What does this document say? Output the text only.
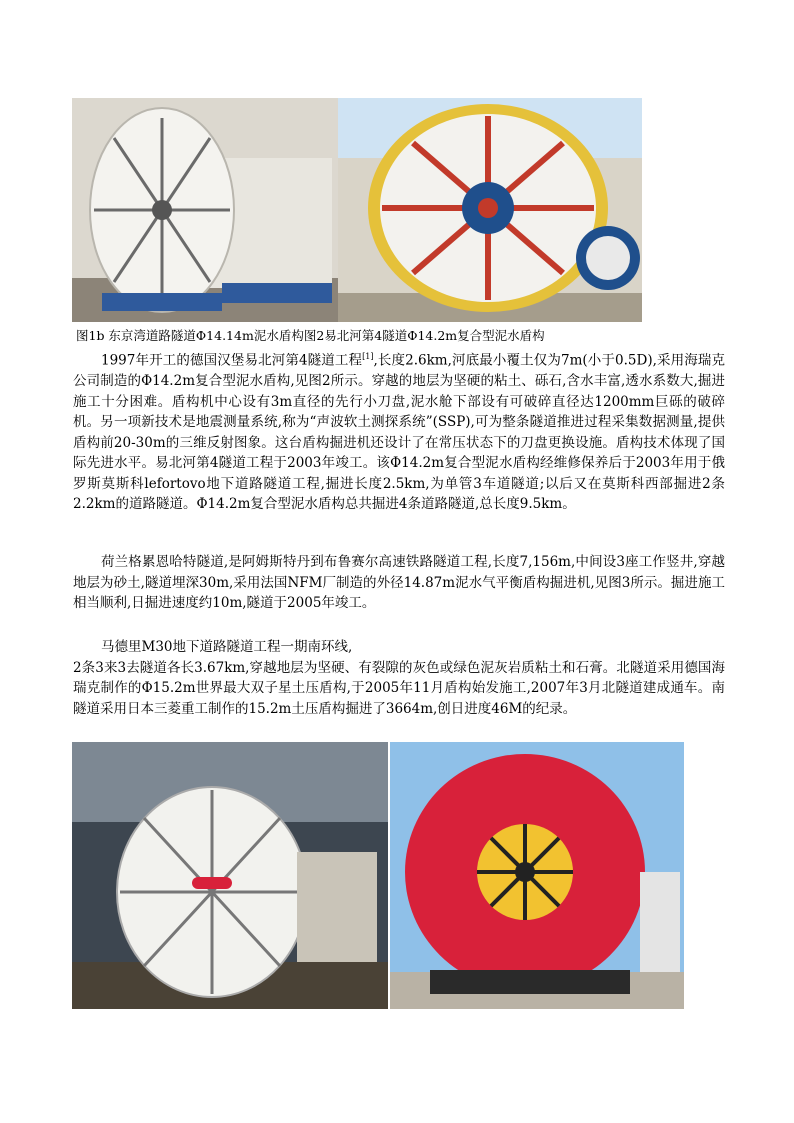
图1b 东京湾道路隧道Φ14.14m泥水盾构图2易北河第4隧道Φ14.2m复合型泥水盾构

1997年开工的德国汉堡易北河第4隧道工程[1],长度2.6km,河底最小覆土仅为7m(小于0.5D),采用海瑞克公司制造的Φ14.2m复合型泥水盾构,见图2所示。穿越的地层为坚硬的粘土、砾石,含水丰富,透水系数大,掘进施工十分困难。盾构机中心设有3m直径的先行小刀盘,泥水舱下部设有可破碎直径达1200mm巨砾的破碎机。另一项新技术是地震测量系统,称为“声波软土测探系统”(SSP),可为整条隧道推进过程采集数据测量,提供盾构前20-30m的三维反射图象。这台盾构掘进机还设计了在常压状态下的刀盘更换设施。盾构技术体现了国际先进水平。易北河第4隧道工程于2003年竣工。该Φ14.2m复合型泥水盾构经维修保养后于2003年用于俄罗斯莫斯科lefortovo地下道路隧道工程,掘进长度2.5km,为单管3车道隧道;以后又在莫斯科西部掘进2条2.2km的道路隧道。Φ14.2m复合型泥水盾构总共掘进4条道路隧道,总长度9.5km。

荷兰格累恩哈特隧道,是阿姆斯特丹到布鲁赛尔高速铁路隧道工程,长度7,156m,中间设3座工作竖井,穿越地层为砂土,隧道埋深30m,采用法国NFM厂制造的外径14.87m泥水气平衡盾构掘进机,见图3所示。掘进施工相当顺利,日掘进速度约10m,隧道于2005年竣工。

马德里M30地下道路隧道工程一期南环线,

2条3来3去隧道各长3.67km,穿越地层为坚硬、有裂隙的灰色或绿色泥灰岩质粘土和石膏。北隧道采用德国海瑞克制作的Φ15.2m世界最大双子星土压盾构,于2005年11月盾构始发施工,2007年3月北隧道建成通车。南隧道采用日本三菱重工制作的15.2m土压盾构掘进了3664m,创日进度46M的纪录。
